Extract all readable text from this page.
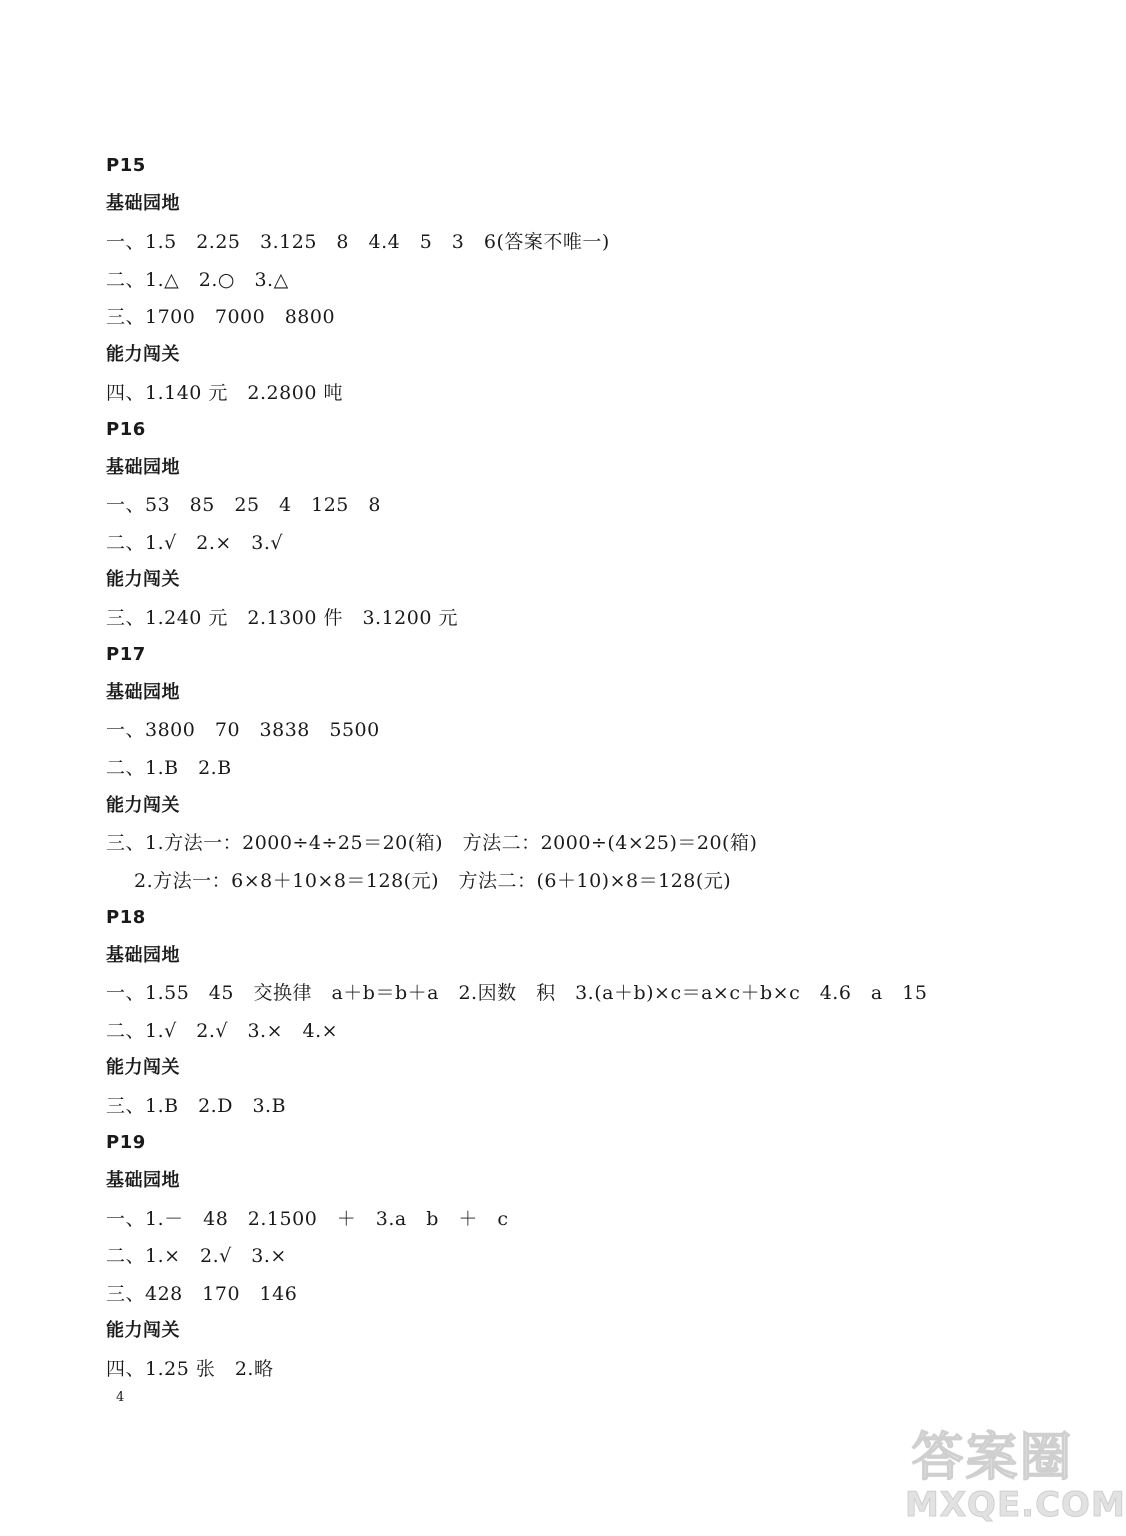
P15
基础园地
一、1.5　2.25　3.125　8　4.4　5　3　6(答案不唯一)
二、1.△　2.○　3.△
三、1700　7000　8800
能力闯关
四、1.140 元　2.2800 吨
P16
基础园地
一、53　85　25　4　125　8
二、1.√　2.×　3.√
能力闯关
三、1.240 元　2.1300 件　3.1200 元
P17
基础园地
一、3800　70　3838　5500
二、1.B　2.B
能力闯关
三、1.方法一：2000÷4÷25＝20(箱)　方法二：2000÷(4×25)＝20(箱)
2.方法一：6×8＋10×8＝128(元)　方法二：(6＋10)×8＝128(元)
P18
基础园地
一、1.55　45　交换律　a＋b＝b＋a　2.因数　积　3.(a＋b)×c＝a×c＋b×c　4.6　a　15
二、1.√　2.√　3.×　4.×
能力闯关
三、1.B　2.D　3.B
P19
基础园地
一、1.－　48　2.1500　＋　3.a　b　＋　c
二、1.×　2.√　3.×
三、428　170　146
能力闯关
四、1.25 张　2.略
4
答案圈
MXQE.COM
